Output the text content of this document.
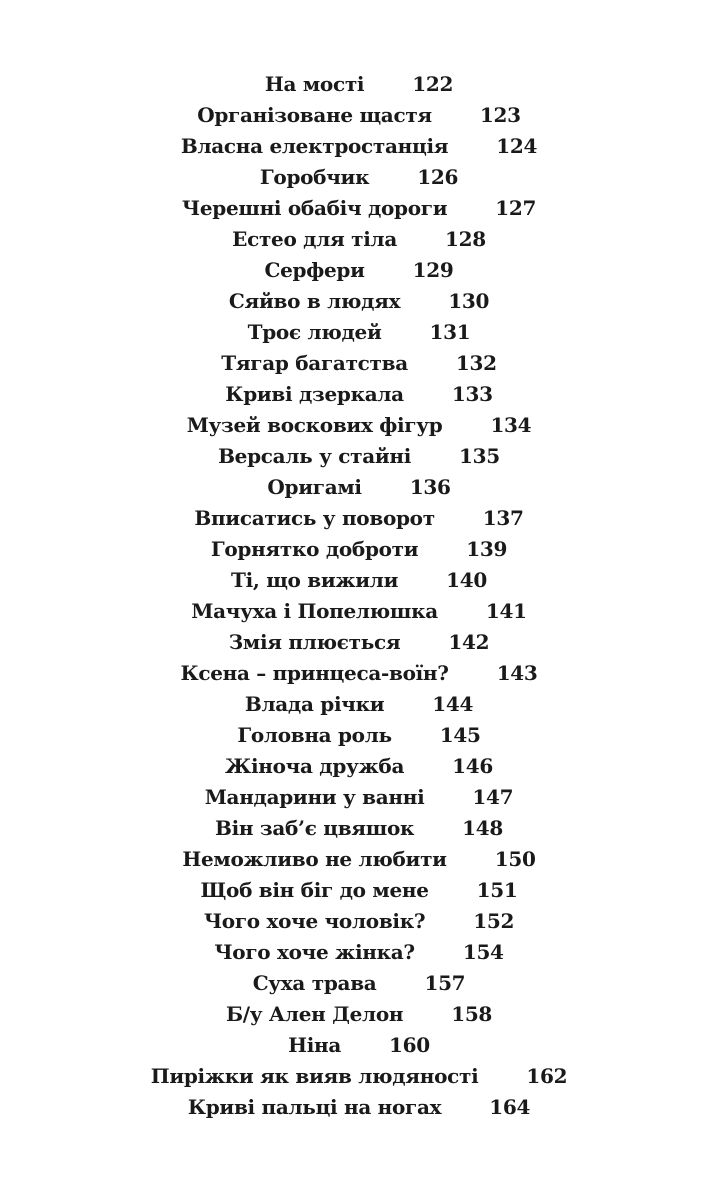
На мості 122
Організоване щастя 123
Власна електростанція 124
Горобчик 126
Черешні обабіч дороги 127
Естео для тіла 128
Серфери 129
Сяйво в людях 130
Троє людей 131
Тягар багатства 132
Криві дзеркала 133
Музей воскових фігур 134
Версаль у стайні 135
Оригамі 136
Вписатись у поворот 137
Горнятко доброти 139
Ті, що вижили 140
Мачуха і Попелюшка 141
Змія плюється 142
Ксена – принцеса-воїн? 143
Влада річки 144
Головна роль 145
Жіноча дружба 146
Мандарини у ванні 147
Він заб’є цвяшок 148
Неможливо не любити 150
Щоб він біг до мене 151
Чого хоче чоловік? 152
Чого хоче жінка? 154
Суха трава 157
Б/у Ален Делон 158
Ніна 160
Пиріжки як вияв людяності 162
Криві пальці на ногах 164
